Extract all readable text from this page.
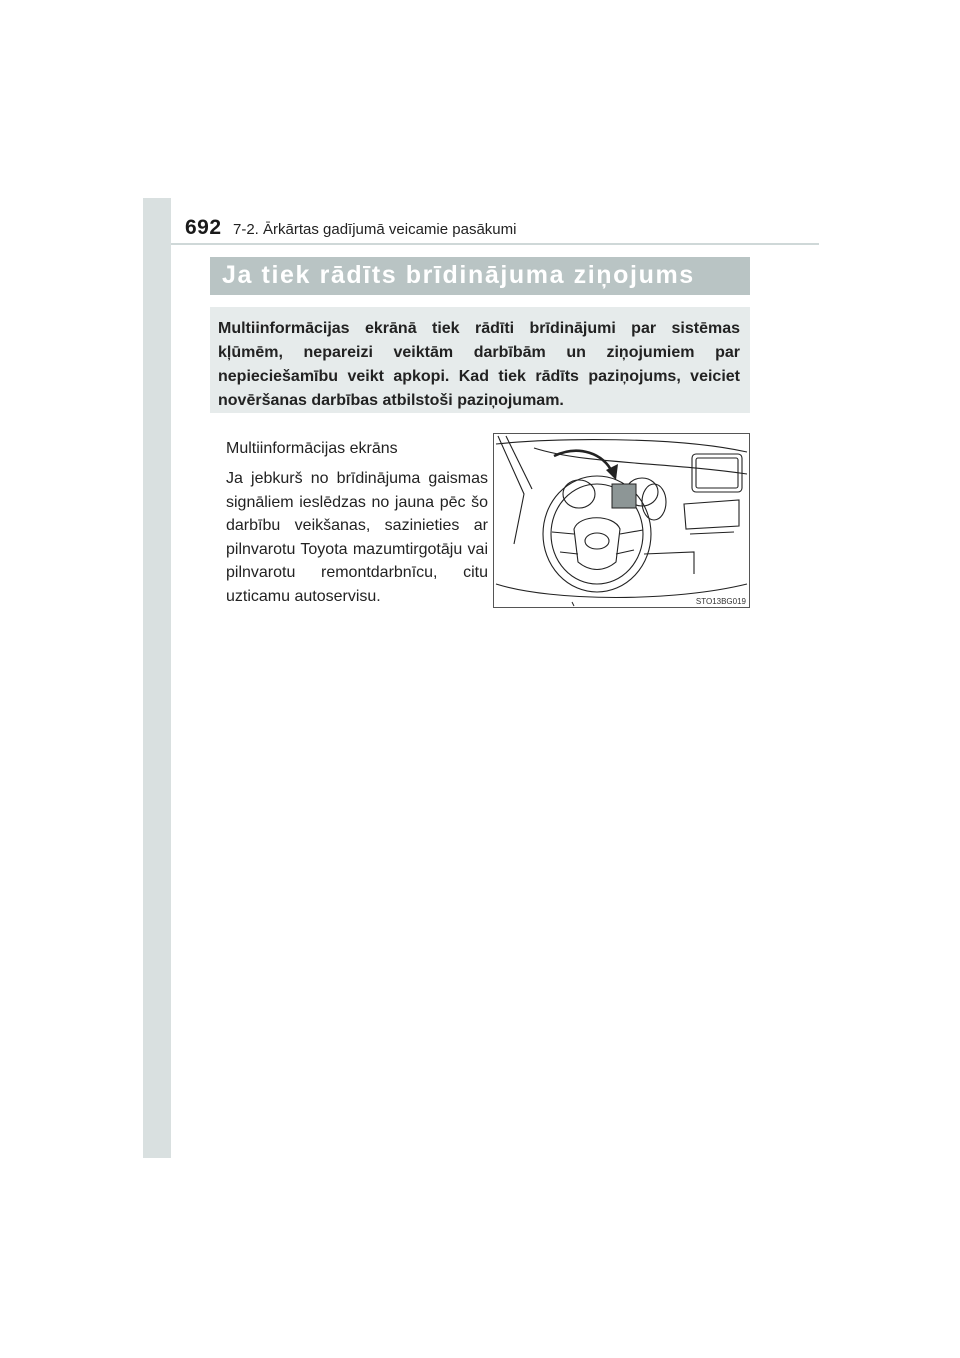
692 7-2. Ārkārtas gadījumā veicamie pasākumi
Ja tiek rādīts brīdinājuma ziņojums
Multiinformācijas ekrānā tiek rādīti brīdinājumi par sistēmas kļūmēm, nepareizi veiktām darbībām un ziņojumiem par nepieciešamību veikt apkopi. Kad tiek rādīts paziņojums, veiciet novēršanas darbības atbilstoši paziņojumam.
Multiinformācijas ekrāns
Ja jebkurš no brīdinājuma gaismas signāliem ieslēdzas no jauna pēc šo darbību veikšanas, sazinieties ar pilnvarotu Toyota mazumtirgotāju vai pilnvarotu remontdarbnīcu, citu uzticamu autoservisu.	STO13BG019
